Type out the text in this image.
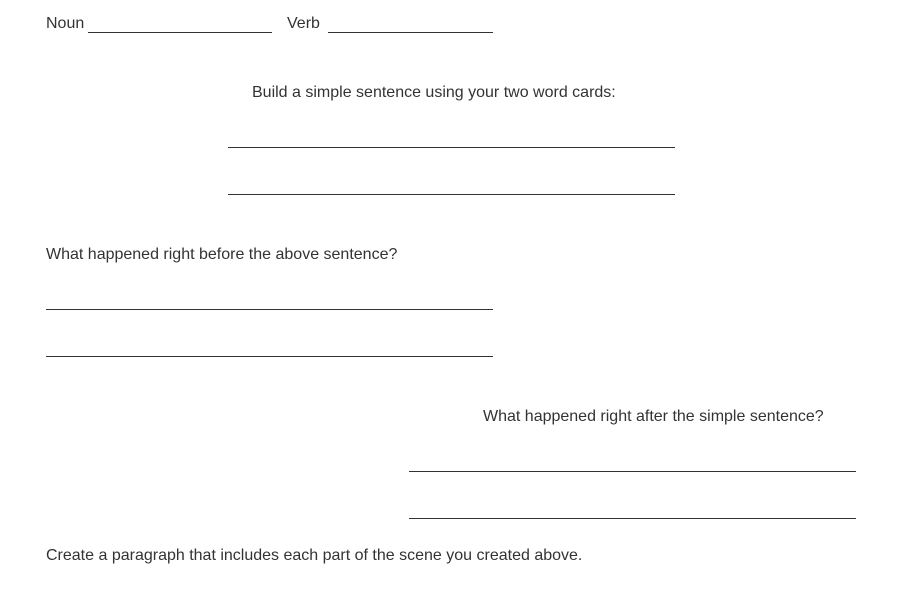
Noun	Verb
Build a simple sentence using your two word cards:
What happened right before the above sentence?
What happened right after the simple sentence?
Create a paragraph that includes each part of the scene you created above.
